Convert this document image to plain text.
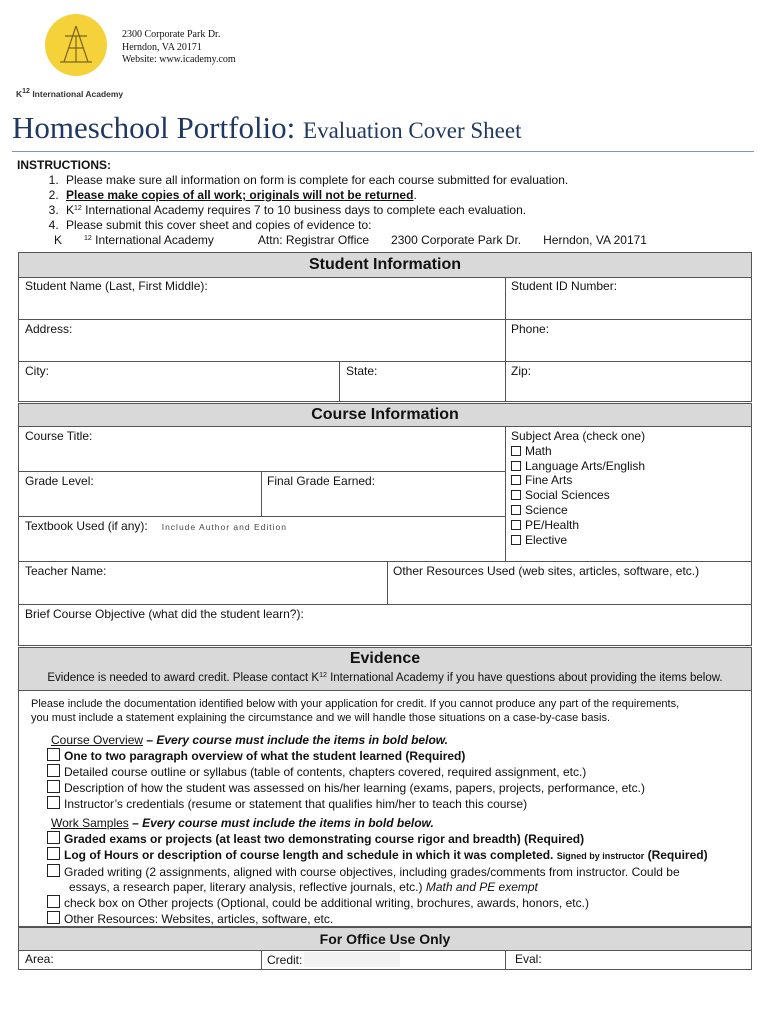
2300 Corporate Park Dr.
Herndon, VA 20171
Website: www.icademy.com
$K^{12}$ International Academy
Homeschool Portfolio: Evaluation Cover Sheet
INSTRUCTIONS:
1. Please make sure all information on form is complete for each course submitted for evaluation.
2. Please make copies of all work; originals will not be returned.
3. $K^{12}$ International Academy requires 7 to 10 business days to complete each evaluation.
4. Please submit this cover sheet and copies of evidence to:
K	$^{12}$ International Academy	Attn: Registrar Office 2300 Corporate Park Dr. Herndon, VA 20171
Student Information
Student Name (Last, First Middle):	Student ID Number:
Address:	Phone:
City:	State:	Zip:
Course Information
Course Title:
Grade Level:	Final Grade Earned:
Textbook Used (if any): Include Author and Edition
Subject Area (check one)
Math
Language Arts/English
Fine Arts
Social Sciences
Science
PE/Health
Elective
Teacher Name:	Other Resources Used (web sites, articles, software, etc.)
Brief Course Objective (what did the student learn?):
Evidence
Evidence is needed to award credit. Please contact $K^{12}$ International Academy if you have questions about providing the items below.
Please include the documentation identified below with your application for credit. If you cannot produce any part of the requirements,
you must include a statement explaining the circumstance and we will handle those situations on a case-by-case basis.
Course Overview – Every course must include the items in bold below.
One to two paragraph overview of what the student learned (Required)
Detailed course outline or syllabus (table of contents, chapters covered, required assignment, etc.)
Description of how the student was assessed on his/her learning (exams, papers, projects, performance, etc.)
Instructor’s credentials (resume or statement that qualifies him/her to teach this course)
Work Samples – Every course must include the items in bold below.
Graded exams or projects (at least two demonstrating course rigor and breadth) (Required)
Log of Hours or description of course length and schedule in which it was completed. Signed by instructor (Required)
Graded writing (2 assignments, aligned with course objectives, including grades/comments from instructor. Could be
essays, a research paper, literary analysis, reflective journals, etc.) Math and PE exempt
check box on Other projects (Optional, could be additional writing, brochures, awards, honors, etc.)
Other Resources: Websites, articles, software, etc.
For Office Use Only
Area:	Credit:	Eval:
